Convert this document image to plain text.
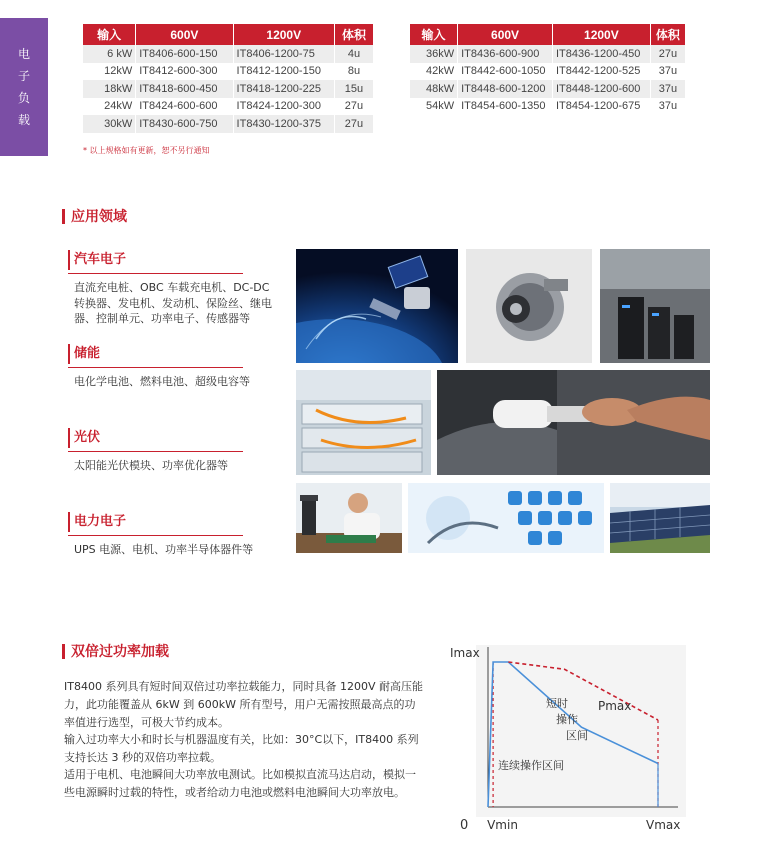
电
子
负
载
输入	600V	1200V	体积
6 kW	IT8406-600-150	IT8406-1200-75	4u
12kW	IT8412-600-300	IT8412-1200-150	8u
18kW	IT8418-600-450	IT8418-1200-225	15u
24kW	IT8424-600-600	IT8424-1200-300	27u
30kW	IT8430-600-750	IT8430-1200-375	27u
输入	600V	1200V	体积
36kW	IT8436-600-900	IT8436-1200-450	27u
42kW	IT8442-600-1050	IT8442-1200-525	37u
48kW	IT8448-600-1200	IT8448-1200-600	37u
54kW	IT8454-600-1350	IT8454-1200-675	37u
* 以上规格如有更新，恕不另行通知
应用领域
汽车电子
直流充电桩、OBC 车载充电机、DC-DC 转换器、发电机、发动机、保险丝、继电器、控制单元、功率电子、传感器等
储能
电化学电池、燃料电池、超级电容等
光伏
太阳能光伏模块、功率优化器等
电力电子
UPS 电源、电机、功率半导体器件等
双倍过功率加载
IT8400 系列具有短时间双倍过功率拉载能力，同时具备 1200V 耐高压能力，此功能覆盖从 6kW 到 600kW 所有型号，用户无需按照最高点的功率值进行选型，可极大节约成本。
输入过功率大小和时长与机器温度有关，比如：30°C以下，IT8400 系列支持长达 3 秒的双倍功率拉载。
适用于电机、电池瞬间大功率放电测试。比如模拟直流马达启动，模拟一些电源瞬时过载的特性，或者给动力电池或燃料电池瞬间大功率放电。
Imax
0 Vmin	Vmax
Pmax
短时
操作
区间
连续操作区间
